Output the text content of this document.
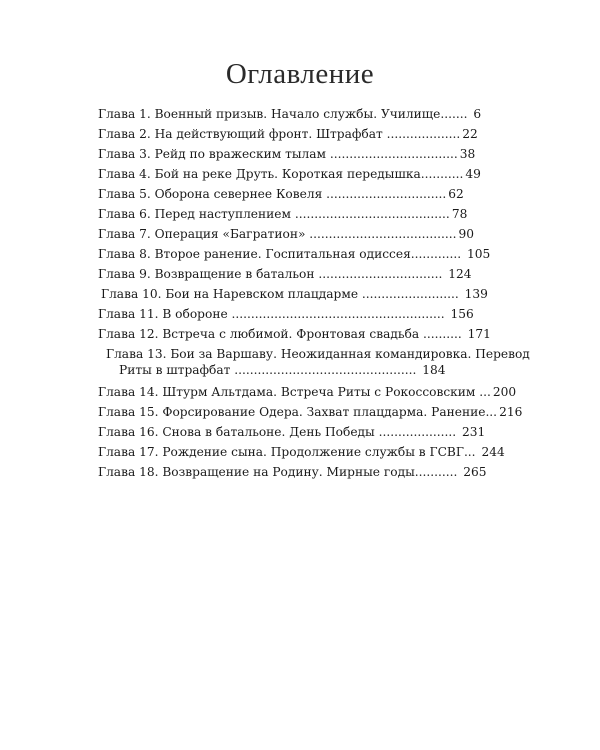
Оглавление
Глава 1. Военный призыв. Начало службы. Училище....... 6
Глава 2. На действующий фронт. Штрафбат ................... 22
Глава 3. Рейд по вражеским тылам ................................. 38
Глава 4. Бой на реке Друть. Короткая передышка........... 49
Глава 5. Оборона севернее Ковеля ............................... 62
Глава 6. Перед наступлением ........................................ 78
Глава 7. Операция «Багратион» ...................................... 90
Глава 8. Второе ранение. Госпитальная одиссея............. 105
Глава 9. Возвращение в батальон ................................ 124
Глава 10. Бои на Наревском плацдарме ......................... 139
Глава 11. В обороне ....................................................... 156
Глава 12. Встреча с любимой. Фронтовая свадьба .......... 171
Глава 13. Бои за Варшаву. Неожиданная командировка. Перевод
Риты в штрафбат ............................................... 184
Глава 14. Штурм Альтдама. Встреча Риты с Рокоссовским ... 200
Глава 15. Форсирование Одера. Захват плацдарма. Ранение... 216
Глава 16. Снова в батальоне. День Победы .................... 231
Глава 17. Рождение сына. Продолжение службы в ГСВГ... 244
Глава 18. Возвращение на Родину. Мирные годы........... 265
